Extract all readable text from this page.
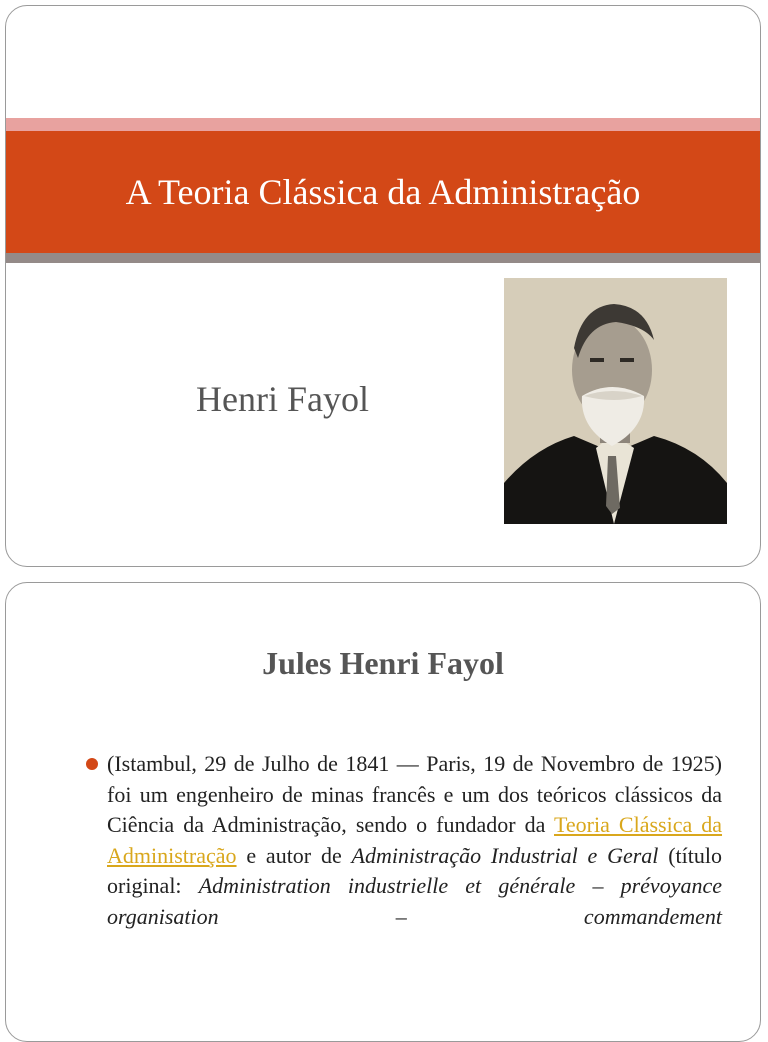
A Teoria Clássica da Administração

Henri Fayol

Jules Henri Fayol

(Istambul, 29 de Julho de 1841 — Paris, 19 de Novembro de 1925) foi um engenheiro de minas francês e um dos teóricos clássicos da Ciência da Administração, sendo o fundador da Teoria Clássica da Administração e autor de Administração Industrial e Geral (título original: Administration industrielle et générale – prévoyance organisation – commandement
